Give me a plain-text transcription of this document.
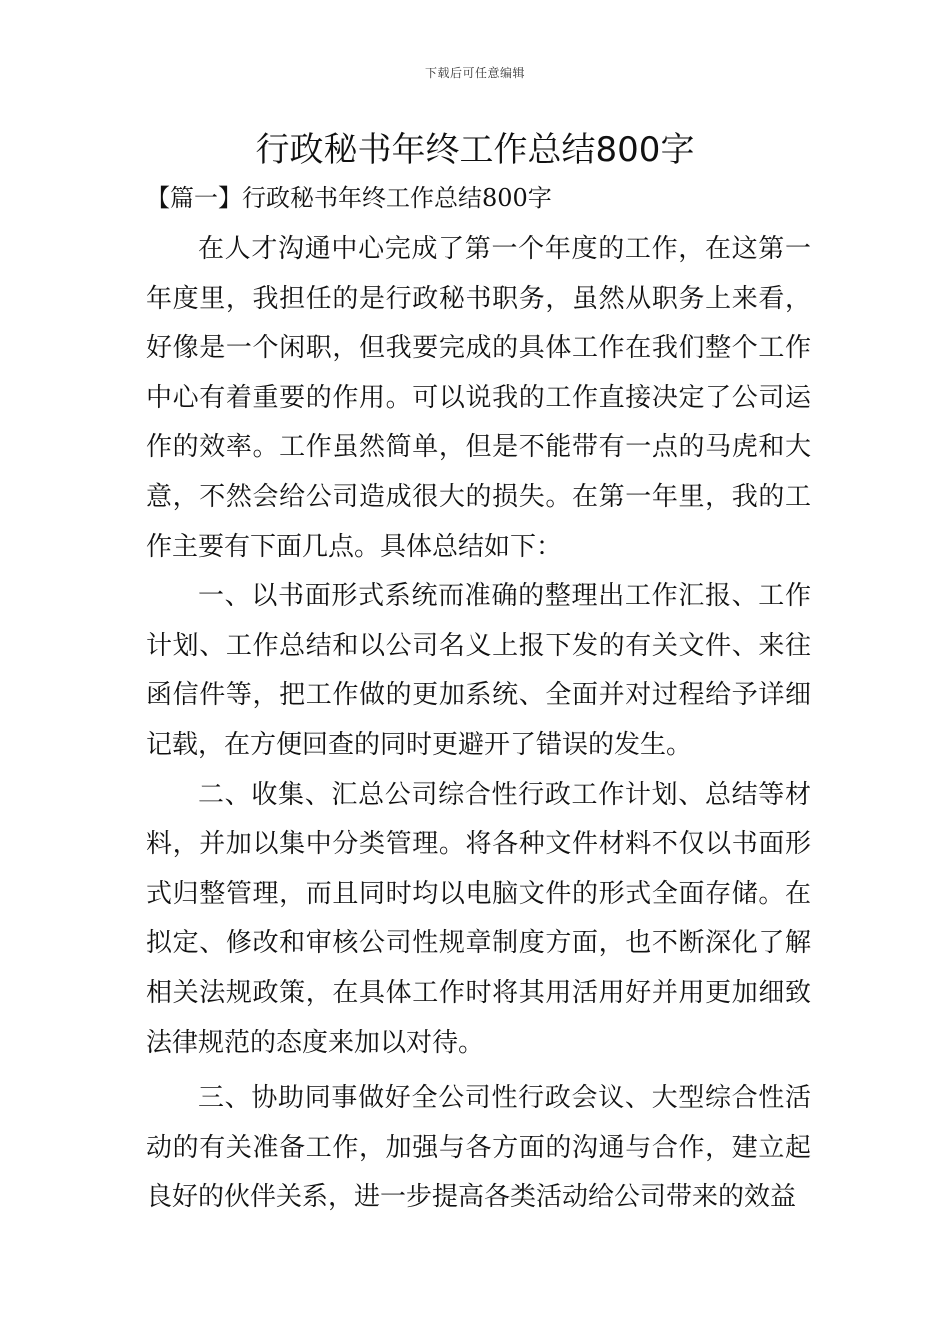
下载后可任意编辑
行政秘书年终工作总结800字
【篇一】行政秘书年终工作总结800字

在人才沟通中心完成了第一个年度的工作，在这第一年度里，我担任的是行政秘书职务，虽然从职务上来看，好像是一个闲职，但我要完成的具体工作在我们整个工作中心有着重要的作用。可以说我的工作直接决定了公司运作的效率。工作虽然简单，但是不能带有一点的马虎和大意，不然会给公司造成很大的损失。在第一年里，我的工作主要有下面几点。具体总结如下：

一、以书面形式系统而准确的整理出工作汇报、工作计划、工作总结和以公司名义上报下发的有关文件、来往函信件等，把工作做的更加系统、全面并对过程给予详细记载，在方便回查的同时更避开了错误的发生。

二、收集、汇总公司综合性行政工作计划、总结等材料，并加以集中分类管理。将各种文件材料不仅以书面形式归整管理，而且同时均以电脑文件的形式全面存储。在拟定、修改和审核公司性规章制度方面，也不断深化了解相关法规政策，在具体工作时将其用活用好并用更加细致法律规范的态度来加以对待。

三、协助同事做好全公司性行政会议、大型综合性活动的有关准备工作，加强与各方面的沟通与合作，建立起良好的伙伴关系，进一步提高各类活动给公司带来的效益
